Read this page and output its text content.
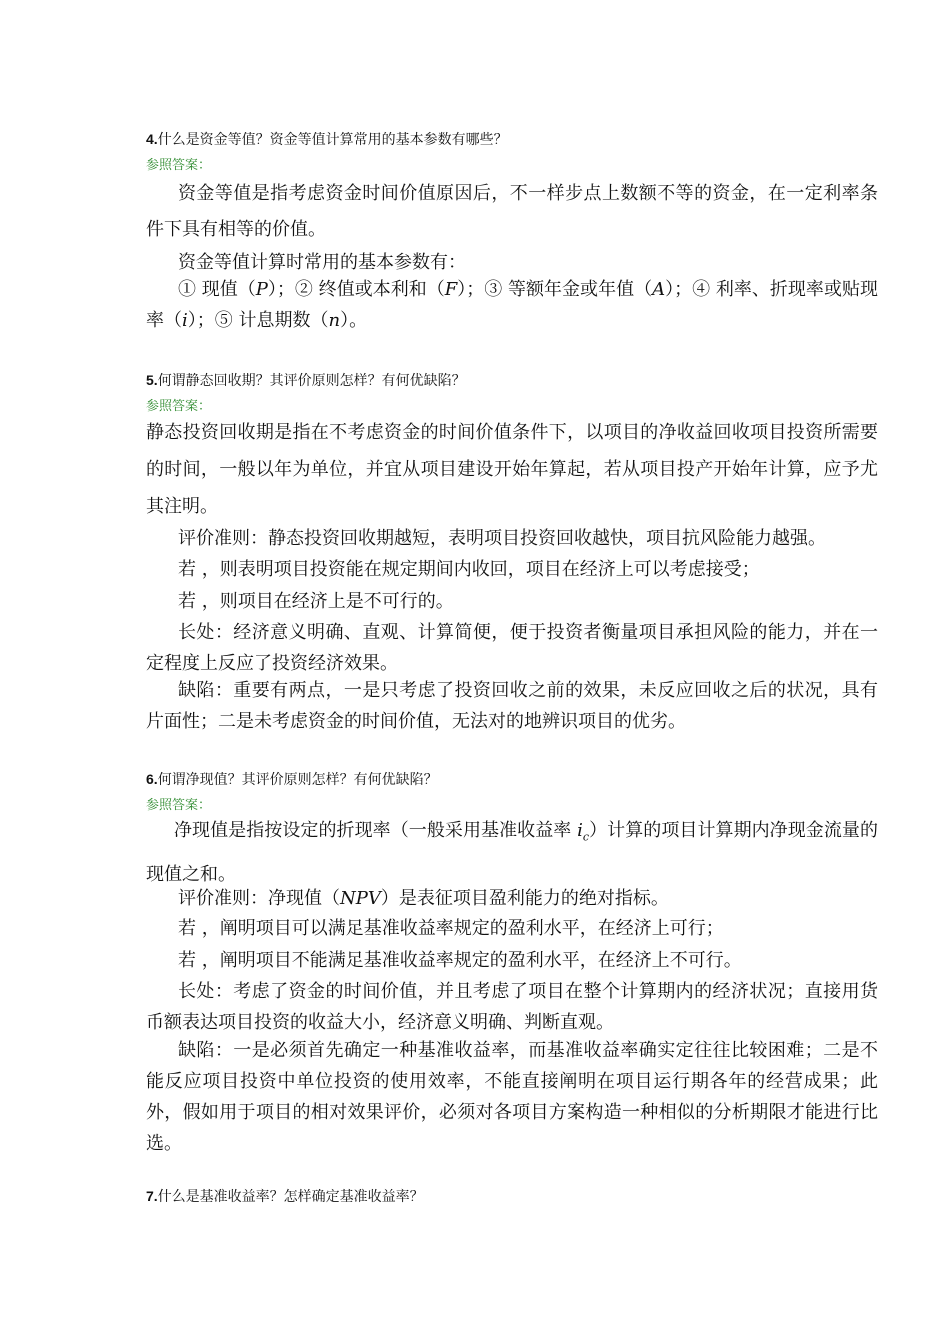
4.什么是资金等值？资金等值计算常用的基本参数有哪些？
参照答案：

资金等值是指考虑资金时间价值原因后，不一样步点上数额不等的资金，在一定利率条件下具有相等的价值。

资金等值计算时常用的基本参数有：

① 现值（P）；② 终值或本利和（F）；③ 等额年金或年值（A）；④ 利率、折现率或贴现率（i）；⑤ 计息期数（n）。

5.何谓静态回收期？其评价原则怎样？有何优缺陷？
参照答案：

静态投资回收期是指在不考虑资金的时间价值条件下，以项目的净收益回收项目投资所需要的时间，一般以年为单位，并宜从项目建设开始年算起，若从项目投产开始年计算，应予尤其注明。

评价准则：静态投资回收期越短，表明项目投资回收越快，项目抗风险能力越强。

若 ，则表明项目投资能在规定期间内收回，项目在经济上可以考虑接受；

若 ，则项目在经济上是不可行的。

长处：经济意义明确、直观、计算简便，便于投资者衡量项目承担风险的能力，并在一定程度上反应了投资经济效果。

缺陷：重要有两点，一是只考虑了投资回收之前的效果，未反应回收之后的状况，具有片面性；二是未考虑资金的时间价值，无法对的地辨识项目的优劣。

6.何谓净现值？其评价原则怎样？有何优缺陷？
参照答案：

净现值是指按设定的折现率（一般采用基准收益率 $i_c$）计算的项目计算期内净现金流量的现值之和。

评价准则：净现值（NPV）是表征项目盈利能力的绝对指标。

若 ，阐明项目可以满足基准收益率规定的盈利水平，在经济上可行；

若 ，阐明项目不能满足基准收益率规定的盈利水平，在经济上不可行。

长处：考虑了资金的时间价值，并且考虑了项目在整个计算期内的经济状况；直接用货币额表达项目投资的收益大小，经济意义明确、判断直观。

缺陷：一是必须首先确定一种基准收益率，而基准收益率确实定往往比较困难；二是不能反应项目投资中单位投资的使用效率，不能直接阐明在项目运行期各年的经营成果；此外，假如用于项目的相对效果评价，必须对各项目方案构造一种相似的分析期限才能进行比选。

7.什么是基准收益率？怎样确定基准收益率？
